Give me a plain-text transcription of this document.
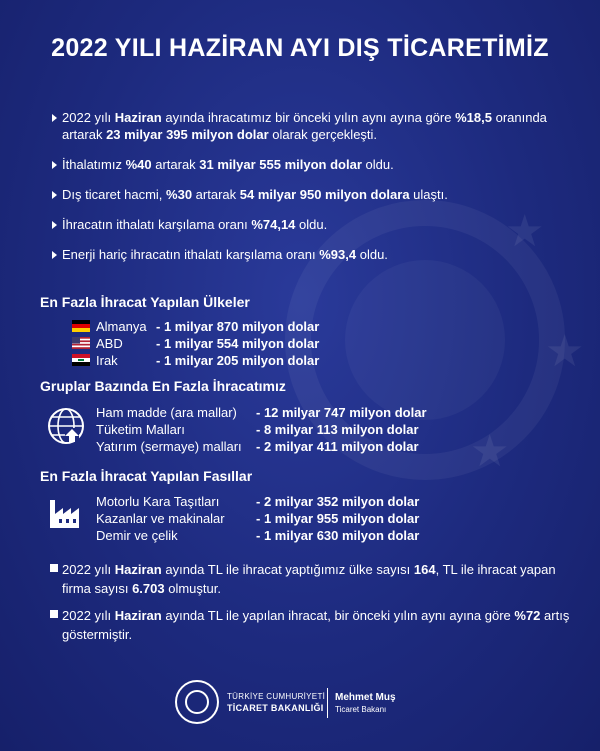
★
★
★
2022 YILI HAZİRAN AYI DIŞ TİCARETİMİZ
2022 yılı Haziran ayında ihracatımız bir önceki yılın aynı ayına göre %18,5 oranında artarak 23 milyar 395 milyon dolar olarak gerçekleşti.
İthalatımız %40 artarak 31 milyar 555 milyon dolar oldu.
Dış ticaret hacmi, %30 artarak 54 milyar 950 milyon dolara ulaştı.
İhracatın ithalatı karşılama oranı %74,14 oldu.
Enerji hariç ihracatın ithalatı karşılama oranı %93,4 oldu.
En Fazla İhracat Yapılan Ülkeler
Almanya - 1 milyar 870 milyon dolar
ABD	- 1 milyar 554 milyon dolar
Irak	- 1 milyar 205 milyon dolar
Gruplar Bazında En Fazla İhracatımız
Ham madde (ara mallar) - 12 milyar 747 milyon dolar
Tüketim Malları	- 8 milyar 113 milyon dolar
Yatırım (sermaye) malları - 2 milyar 411 milyon dolar
En Fazla İhracat Yapılan Fasıllar
Motorlu Kara Taşıtları	- 2 milyar 352 milyon dolar
Kazanlar ve makinalar - 1 milyar 955 milyon dolar
Demir ve çelik	- 1 milyar 630 milyon dolar
2022 yılı Haziran ayında TL ile ihracat yaptığımız ülke sayısı 164, TL ile ihracat yapan firma sayısı 6.703 olmuştur.
2022 yılı Haziran ayında TL ile yapılan ihracat, bir önceki yılın aynı ayına göre %72 artış göstermiştir.
TÜRKİYE CUMHURİYETİ
TİCARET BAKANLIĞI
Mehmet Muş
Ticaret Bakanı
